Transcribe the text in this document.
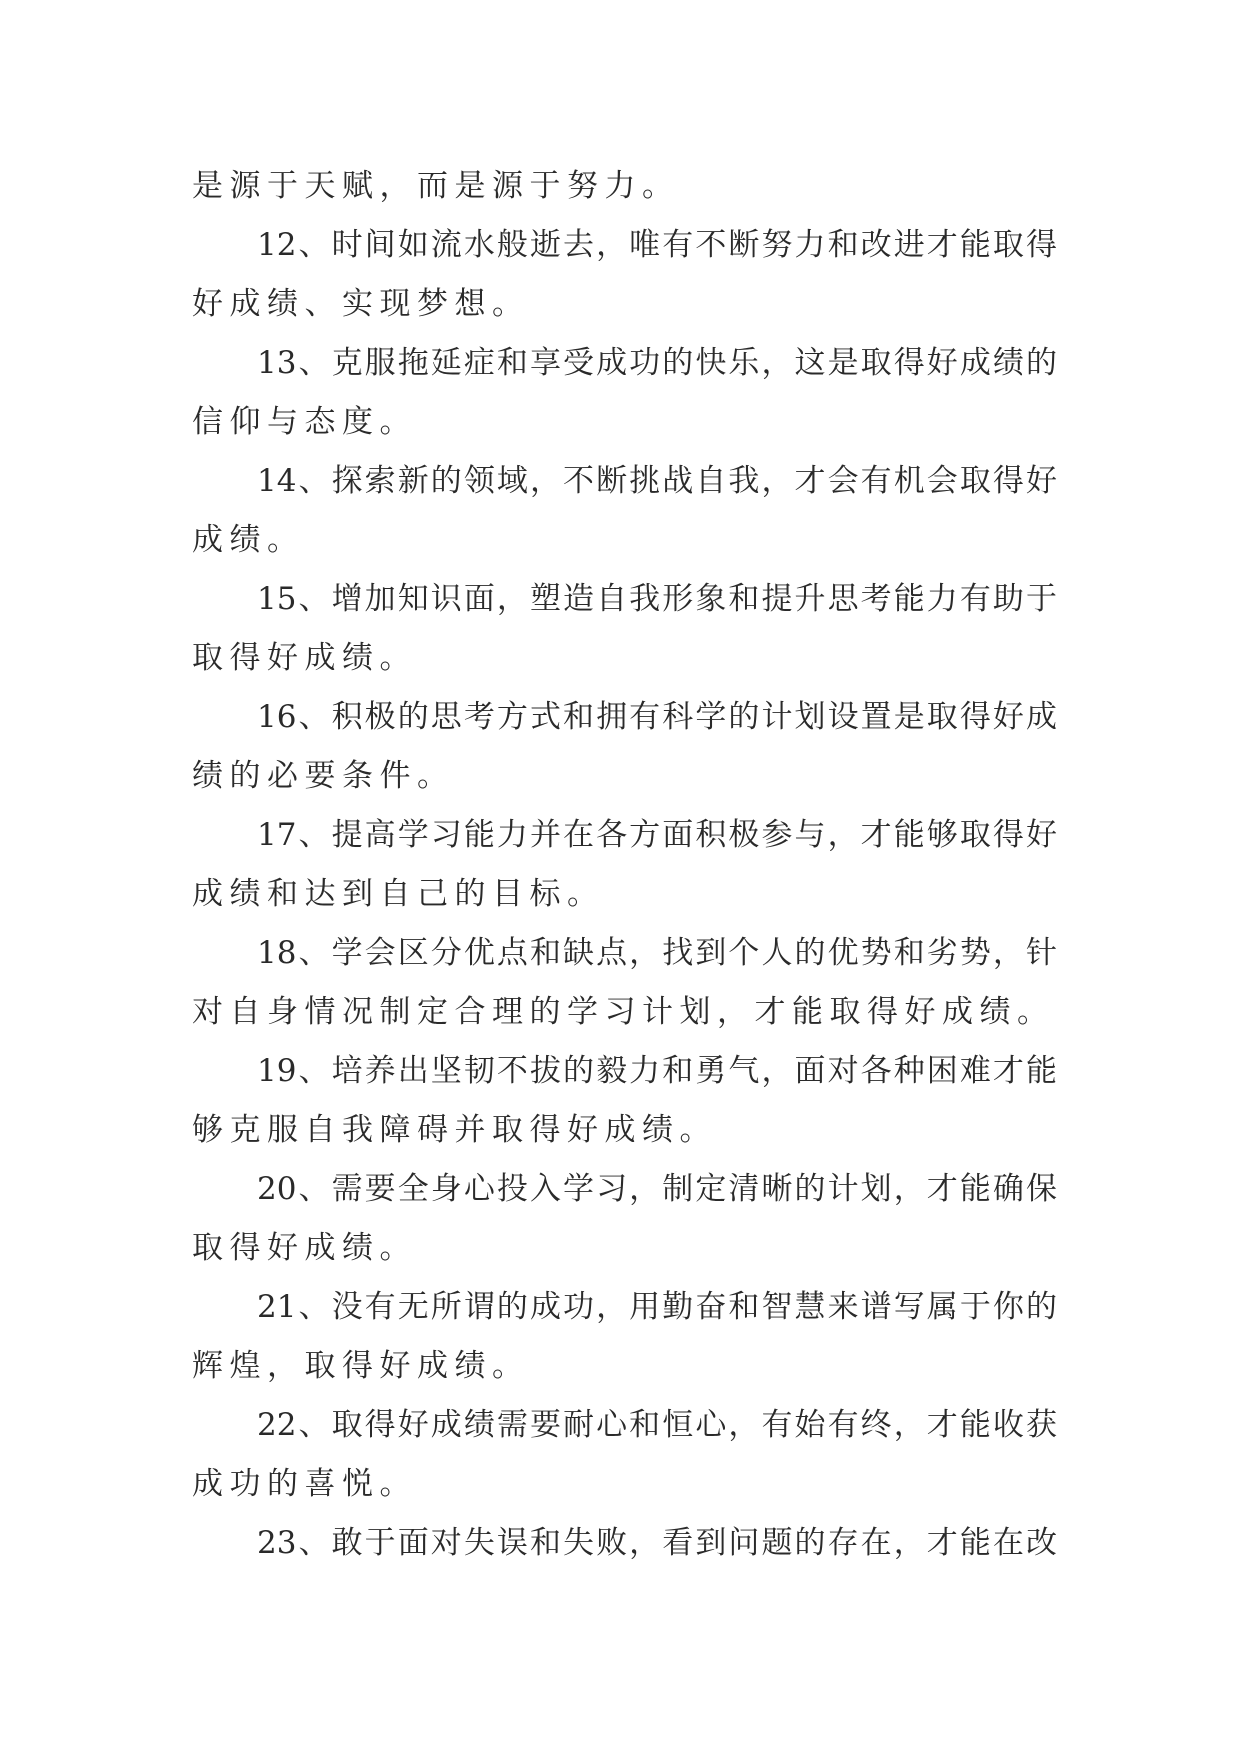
是源于天赋，而是源于努力。
12、时间如流水般逝去，唯有不断努力和改进才能取得
好成绩、实现梦想。
13、克服拖延症和享受成功的快乐，这是取得好成绩的
信仰与态度。
14、探索新的领域，不断挑战自我，才会有机会取得好
成绩。
15、增加知识面，塑造自我形象和提升思考能力有助于
取得好成绩。
16、积极的思考方式和拥有科学的计划设置是取得好成
绩的必要条件。
17、提高学习能力并在各方面积极参与，才能够取得好
成绩和达到自己的目标。
18、学会区分优点和缺点，找到个人的优势和劣势，针
对自身情况制定合理的学习计划，才能取得好成绩。
19、培养出坚韧不拔的毅力和勇气，面对各种困难才能
够克服自我障碍并取得好成绩。
20、需要全身心投入学习，制定清晰的计划，才能确保
取得好成绩。
21、没有无所谓的成功，用勤奋和智慧来谱写属于你的
辉煌，取得好成绩。
22、取得好成绩需要耐心和恒心，有始有终，才能收获
成功的喜悦。
23、敢于面对失误和失败，看到问题的存在，才能在改
